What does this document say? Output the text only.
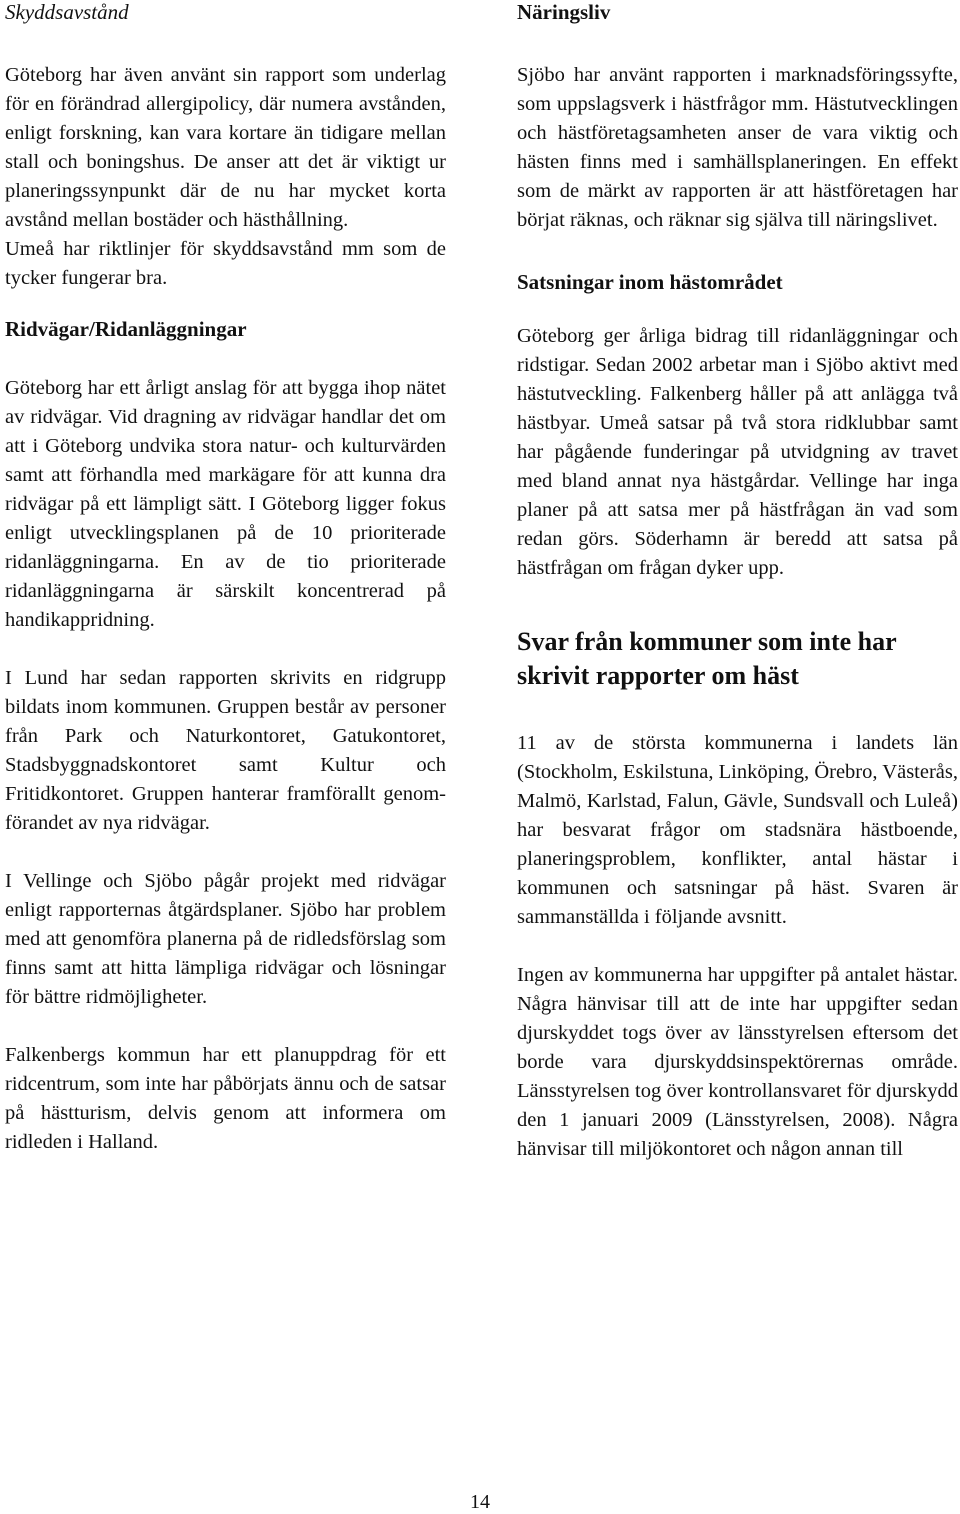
Skyddsavstånd

Göteborg har även använt sin rapport som underlag för en förändrad allergipolicy, där numera avstånden, enligt forskning, kan vara kortare än tidigare mellan stall och boningshus. De anser att det är viktigt ur planeringssynpunkt där de nu har mycket korta avstånd mellan bostäder och hästhållning.

Umeå har riktlinjer för skyddsavstånd mm som de tycker fungerar bra.

Ridvägar/Ridanläggningar

Göteborg har ett årligt anslag för att bygga ihop nätet av ridvägar. Vid dragning av ridvägar handlar det om att i Göteborg undvika stora natur- och kulturvärden samt att förhandla med markägare för att kunna dra ridvägar på ett lämpligt sätt. I Göteborg ligger fokus enligt utvecklingsplanen på de 10 prioriterade ridanläggningarna. En av de tio prioriterade ridanläggningarna är särskilt koncentrerad på handikappridning.

I Lund har sedan rapporten skrivits en ridgrupp bildats inom kommunen. Gruppen består av personer från Park och Naturkontoret, Gatukontoret, Stadsbyggnadskontoret samt Kultur och Fritidkontoret. Gruppen hanterar framförallt genomförandet av nya ridvägar.

I Vellinge och Sjöbo pågår projekt med ridvägar enligt rapporternas åtgärdsplaner. Sjöbo har problem med att genomföra planerna på de ridledsförslag som finns samt att hitta lämpliga ridvägar och lösningar för bättre ridmöjligheter.

Falkenbergs kommun har ett planuppdrag för ett ridcentrum, som inte har påbörjats ännu och de satsar på hästturism, delvis genom att informera om ridleden i Halland.

Näringsliv

Sjöbo har använt rapporten i marknadsföringssyfte, som uppslagsverk i hästfrågor mm. Hästutvecklingen och hästföretagsamheten anser de vara viktig och hästen finns med i samhällsplaneringen. En effekt som de märkt av rapporten är att hästföretagen har börjat räknas, och räknar sig själva till näringslivet.

Satsningar inom hästområdet

Göteborg ger årliga bidrag till ridanläggningar och ridstigar. Sedan 2002 arbetar man i Sjöbo aktivt med hästutveckling. Falkenberg håller på att anlägga två hästbyar. Umeå satsar på två stora ridklubbar samt har pågående funderingar på utvidgning av travet med bland annat nya hästgårdar. Vellinge har inga planer på att satsa mer på hästfrågan än vad som redan görs. Söderhamn är beredd att satsa på hästfrågan om frågan dyker upp.

Svar från kommuner som inte har skrivit rapporter om häst

11 av de största kommunerna i landets län (Stockholm, Eskilstuna, Linköping, Örebro, Västerås, Malmö, Karlstad, Falun, Gävle, Sundsvall och Luleå) har besvarat frågor om stadsnära hästboende, planeringsproblem, konflikter, antal hästar i kommunen och satsningar på häst. Svaren är sammanställda i följande avsnitt.

Ingen av kommunerna har uppgifter på antalet hästar. Några hänvisar till att de inte har uppgifter sedan djurskyddet togs över av länsstyrelsen eftersom det borde vara djurskyddsinspektörernas område. Länsstyrelsen tog över kontrollansvaret för djurskydd den 1 januari 2009 (Länsstyrelsen, 2008). Några hänvisar till miljökontoret och någon annan till

14
